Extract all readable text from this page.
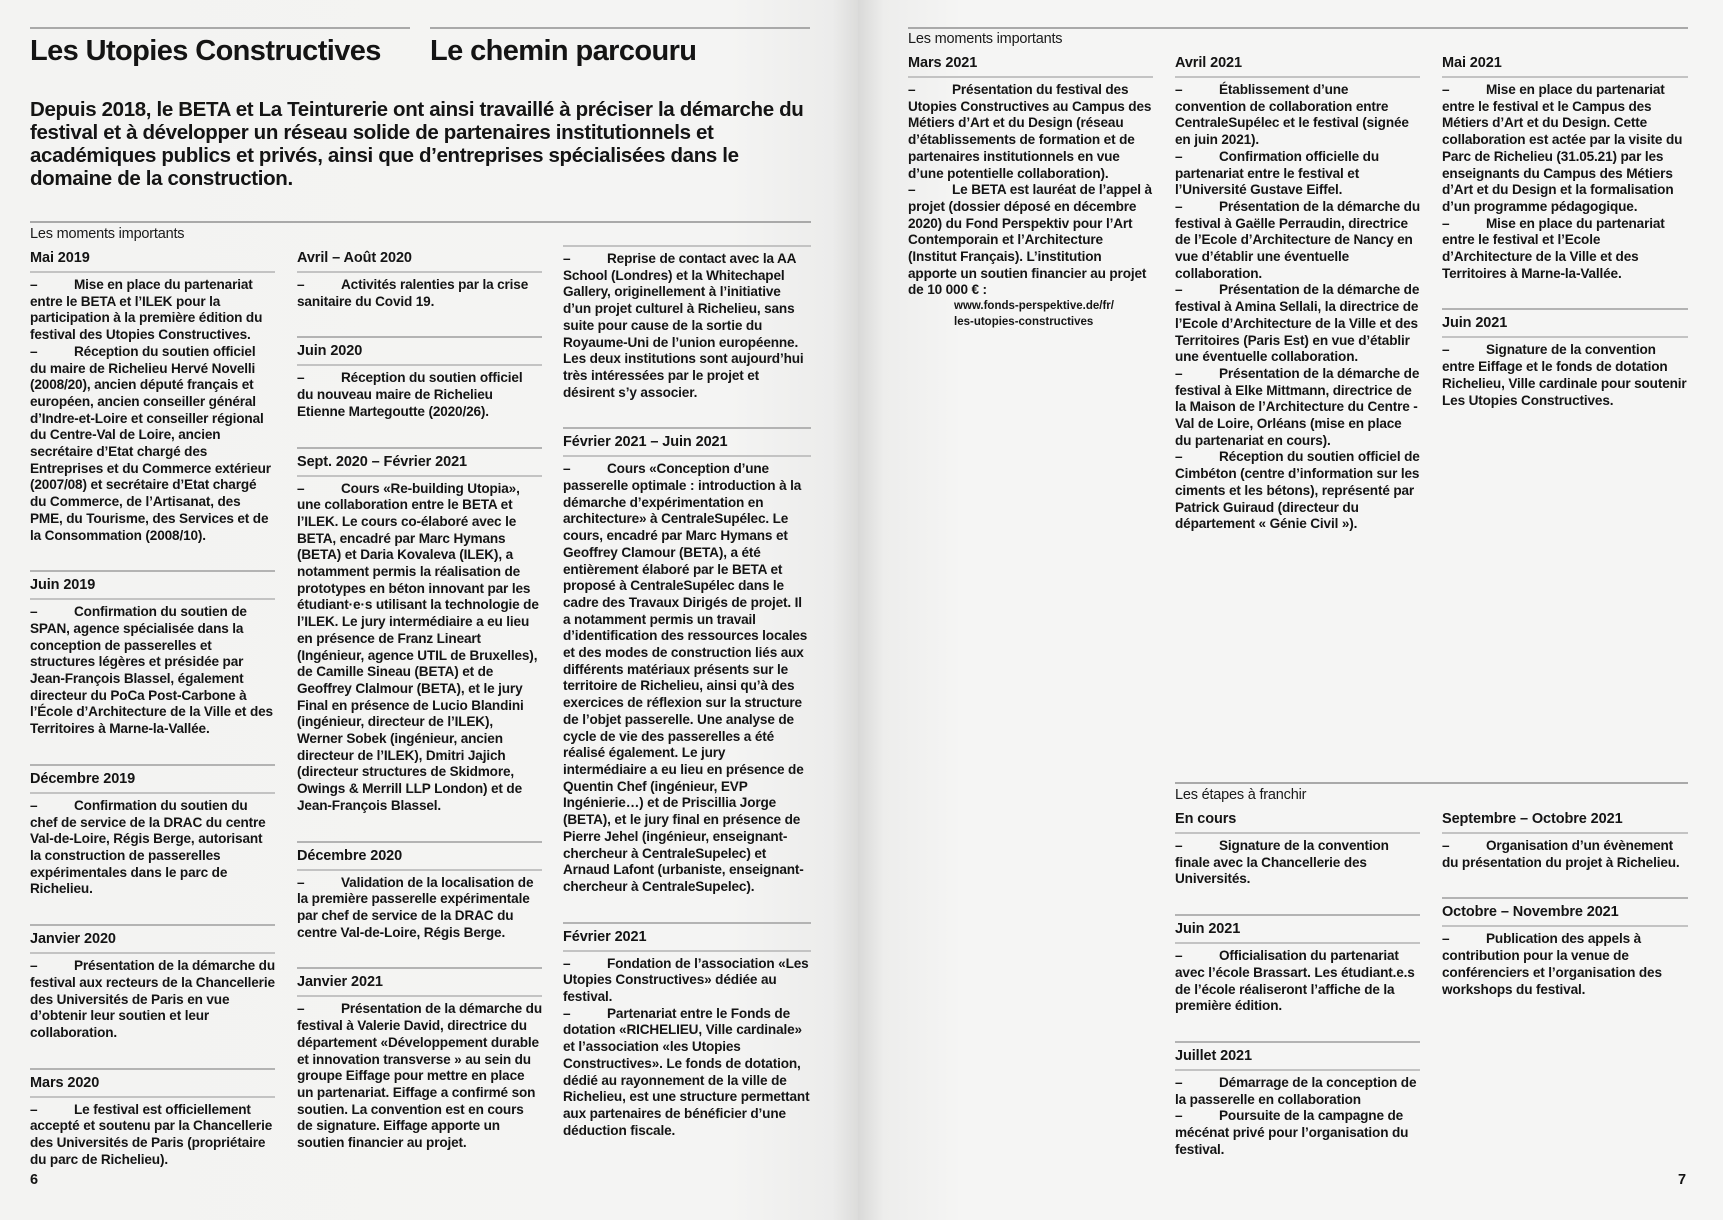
Les Utopies Constructives Le chemin parcouru
Depuis 2018, le BETA et La Teinturerie ont ainsi travaillé à préciser la démarche du festival et à développer un réseau solide de partenaires institutionnels et académiques publics et privés, ainsi que d’entreprises spécialisées dans le domaine de la construction.
Les moments importants
Mai 2019
–	Mise en place du partenariat entre le BETA et l’ILEK pour la participation à la première édition du festival des Utopies Constructives.
–	Réception du soutien officiel du maire de Richelieu Hervé Novelli (2008/20), ancien député français et européen, ancien conseiller général d’Indre-et-Loire et conseiller régional du Centre-Val de Loire, ancien secrétaire d’Etat chargé des Entreprises et du Commerce extérieur (2007/08) et secrétaire d’Etat chargé du Commerce, de l’Artisanat, des PME, du Tourisme, des Services et de la Consommation (2008/10).
Juin 2019
–	Confirmation du soutien de SPAN, agence spécialisée dans la conception de passerelles et structures légères et présidée par Jean-François Blassel, également directeur du PoCa Post-Carbone à l’École d’Architecture de la Ville et des Territoires à Marne-la-Vallée.
Décembre 2019
–	Confirmation du soutien du chef de service de la DRAC du centre Val-de-Loire, Régis Berge, autorisant la construction de passerelles expérimentales dans le parc de Richelieu.
Janvier 2020
–	Présentation de la démarche du festival aux recteurs de la Chancellerie des Universités de Paris en vue d’obtenir leur soutien et leur collaboration.
Mars 2020
–	Le festival est officiellement accepté et soutenu par la Chancellerie des Universités de Paris (propriétaire du parc de Richelieu).
Avril – Août 2020
–	Activités ralenties par la crise sanitaire du Covid 19.
Juin 2020
–	Réception du soutien officiel du nouveau maire de Richelieu Etienne Martegoutte (2020/26).
Sept. 2020 – Février 2021
–	Cours «Re-building Utopia», une collaboration entre le BETA et l’ILEK. Le cours co-élaboré avec le BETA, encadré par Marc Hymans (BETA) et Daria Kovaleva (ILEK), a notamment permis la réalisation de prototypes en béton innovant par les étudiant·e·s utilisant la technologie de l’ILEK. Le jury intermédiaire a eu lieu en présence de Franz Lineart (Ingénieur, agence UTIL de Bruxelles), de Camille Sineau (BETA) et de Geoffrey Clalmour (BETA), et le jury Final en présence de Lucio Blandini (ingénieur, directeur de l’ILEK), Werner Sobek (ingénieur, ancien directeur de l’ILEK), Dmitri Jajich (directeur structures de Skidmore, Owings & Merrill LLP London) et de Jean-François Blassel.
Décembre 2020
–	Validation de la localisation de la première passerelle expérimentale par chef de service de la DRAC du centre Val-de-Loire, Régis Berge.
Janvier 2021
–	Présentation de la démarche du festival à Valerie David, directrice du département «Développement durable et innovation transverse » au sein du groupe Eiffage pour mettre en place un partenariat. Eiffage a confirmé son soutien. La convention est en cours de signature. Eiffage apporte un soutien financier au projet.
–	Reprise de contact avec la AA School (Londres) et la Whitechapel Gallery, originellement à l’initiative d’un projet culturel à Richelieu, sans suite pour cause de la sortie du Royaume-Uni de l’union européenne. Les deux institutions sont aujourd’hui très intéressées par le projet et désirent s’y associer.
Février 2021 – Juin 2021
–	Cours «Conception d’une passerelle optimale : introduction à la démarche d’expérimentation en architecture» à CentraleSupélec. Le cours, encadré par Marc Hymans et Geoffrey Clamour (BETA), a été entièrement élaboré par le BETA et proposé à CentraleSupélec dans le cadre des Travaux Dirigés de projet. Il a notamment permis un travail d’identification des ressources locales et des modes de construction liés aux différents matériaux présents sur le territoire de Richelieu, ainsi qu’à des exercices de réflexion sur la structure de l’objet passerelle. Une analyse de cycle de vie des passerelles a été réalisé également. Le jury intermédiaire a eu lieu en présence de Quentin Chef (ingénieur, EVP Ingénierie…) et de Priscillia Jorge (BETA), et le jury final en présence de Pierre Jehel (ingénieur, enseignant-chercheur à CentraleSupelec) et Arnaud Lafont (urbaniste, enseignant-chercheur à CentraleSupelec).
Février 2021
–	Fondation de l’association «Les Utopies Constructives» dédiée au festival.
–	Partenariat entre le Fonds de dotation «RICHELIEU, Ville cardinale» et l’association «les Utopies Constructives». Le fonds de dotation, dédié au rayonnement de la ville de Richelieu, est une structure permettant aux partenaires de bénéficier d’une déduction fiscale.
6
Les moments importants
Mars 2021
–	Présentation du festival des Utopies Constructives au Campus des Métiers d’Art et du Design (réseau d’établissements de formation et de partenaires institutionnels en vue d’une potentielle collaboration).
–	Le BETA est lauréat de l’appel à projet (dossier déposé en décembre 2020) du Fond Perspektiv pour l’Art Contemporain et l’Architecture (Institut Français). L’institution apporte un soutien financier au projet de 10 000 € :
www.fonds-perspektive.de/fr/
les-utopies-constructives
Avril 2021
–	Établissement d’une convention de collaboration entre CentraleSupélec et le festival (signée en juin 2021).
–	Confirmation officielle du partenariat entre le festival et l’Université Gustave Eiffel.
–	Présentation de la démarche du festival à Gaëlle Perraudin, directrice de l’Ecole d’Architecture de Nancy en vue d’établir une éventuelle collaboration.
–	Présentation de la démarche de festival à Amina Sellali, la directrice de l’Ecole d’Architecture de la Ville et des Territoires (Paris Est) en vue d’établir une éventuelle collaboration.
–	Présentation de la démarche de festival à Elke Mittmann, directrice de la Maison de l’Architecture du Centre - Val de Loire, Orléans (mise en place du partenariat en cours).
–	Réception du soutien officiel de Cimbéton (centre d’information sur les ciments et les bétons), représenté par Patrick Guiraud (directeur du département « Génie Civil »).
Mai 2021
–	Mise en place du partenariat entre le festival et le Campus des Métiers d’Art et du Design. Cette collaboration est actée par la visite du Parc de Richelieu (31.05.21) par les enseignants du Campus des Métiers d’Art et du Design et la formalisation d’un programme pédagogique.
–	Mise en place du partenariat entre le festival et l’Ecole d’Architecture de la Ville et des Territoires à Marne-la-Vallée.
Juin 2021
–	Signature de la convention entre Eiffage et le fonds de dotation Richelieu, Ville cardinale pour soutenir Les Utopies Constructives.
Les étapes à franchir
En cours
–	Signature de la convention finale avec la Chancellerie des Universités.
Juin 2021
–	Officialisation du partenariat avec l’école Brassart. Les étudiant.e.s de l’école réaliseront l’affiche de la première édition.
Juillet 2021
–	Démarrage de la conception de la passerelle en collaboration
–	Poursuite de la campagne de mécénat privé pour l’organisation du festival.
Septembre – Octobre 2021
–	Organisation d’un évènement du présentation du projet à Richelieu.
Octobre – Novembre 2021
–	Publication des appels à contribution pour la venue de conférenciers et l’organisation des workshops du festival.
7
